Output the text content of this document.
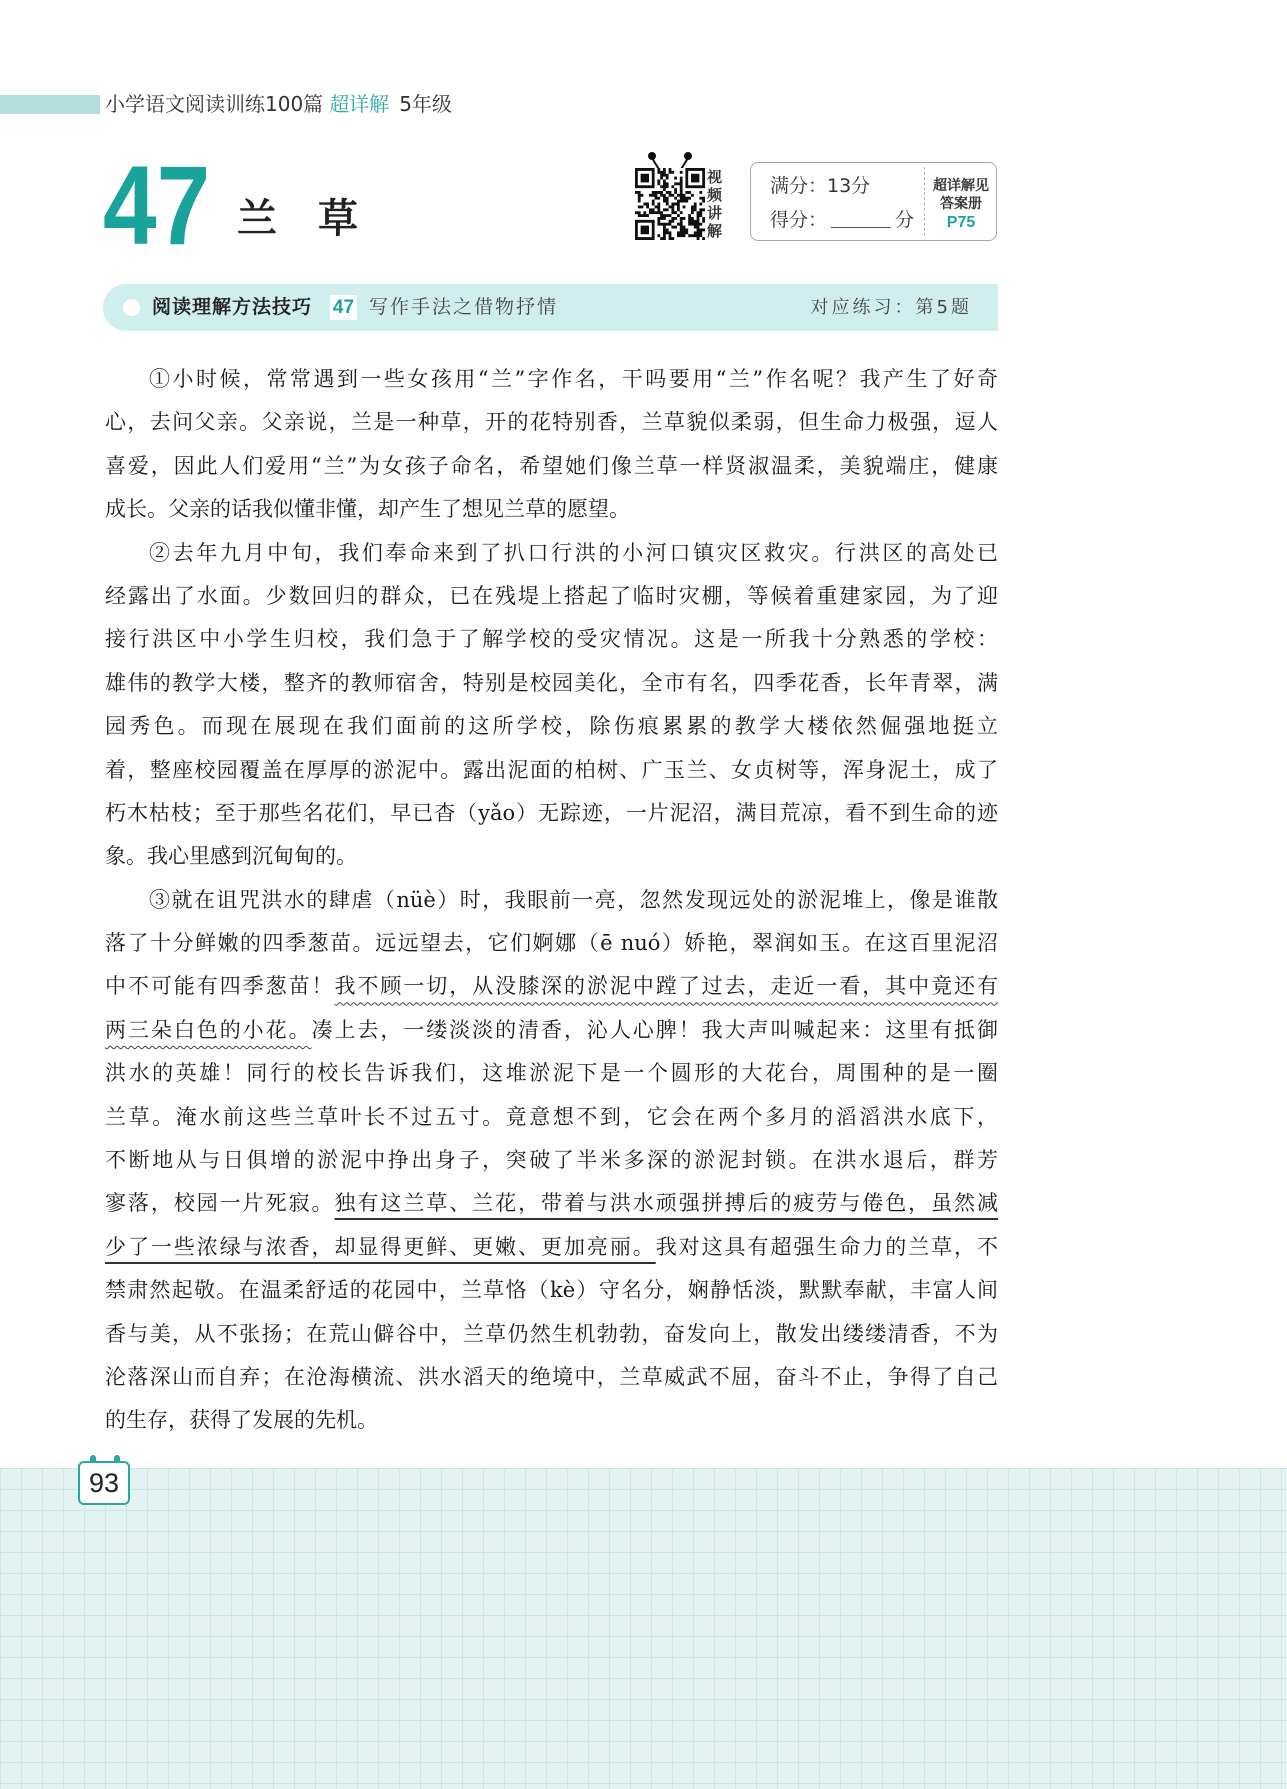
小学语文阅读训练100篇 超详解 5年级
47 兰草	视频讲解 满分：13分
得分：	分
超详解见
答案册
P75
阅读理解方法技巧 47 写作手法之借物抒情	对应练习：第5题
①小时候，常常遇到一些女孩用“兰”字作名，干吗要用“兰”作名呢？我产生了好奇
心，去问父亲。父亲说，兰是一种草，开的花特别香，兰草貌似柔弱，但生命力极强，逗人
喜爱，因此人们爱用“兰”为女孩子命名，希望她们像兰草一样贤淑温柔，美貌端庄，健康
成长。父亲的话我似懂非懂，却产生了想见兰草的愿望。
②去年九月中旬，我们奉命来到了扒口行洪的小河口镇灾区救灾。行洪区的高处已
经露出了水面。少数回归的群众，已在残堤上搭起了临时灾棚，等候着重建家园，为了迎
接行洪区中小学生归校，我们急于了解学校的受灾情况。这是一所我十分熟悉的学校：
雄伟的教学大楼，整齐的教师宿舍，特别是校园美化，全市有名，四季花香，长年青翠，满
园秀色。而现在展现在我们面前的这所学校，除伤痕累累的教学大楼依然倔强地挺立
着，整座校园覆盖在厚厚的淤泥中。露出泥面的柏树、广玉兰、女贞树等，浑身泥土，成了
朽木枯枝；至于那些名花们，早已杳（yǎo）无踪迹，一片泥沼，满目荒凉，看不到生命的迹
象。我心里感到沉甸甸的。
③就在诅咒洪水的肆虐（nüè）时，我眼前一亮，忽然发现远处的淤泥堆上，像是谁散
落了十分鲜嫩的四季葱苗。远远望去，它们婀娜（ē nuó）娇艳，翠润如玉。在这百里泥沼
中不可能有四季葱苗！我不顾一切，从没膝深的淤泥中蹚了过去，走近一看，其中竟还有
两三朵白色的小花。凑上去，一缕淡淡的清香，沁人心脾！我大声叫喊起来：这里有抵御
洪水的英雄！同行的校长告诉我们，这堆淤泥下是一个圆形的大花台，周围种的是一圈
兰草。淹水前这些兰草叶长不过五寸。竟意想不到，它会在两个多月的滔滔洪水底下，
不断地从与日俱增的淤泥中挣出身子，突破了半米多深的淤泥封锁。在洪水退后，群芳
寥落，校园一片死寂。独有这兰草、兰花，带着与洪水顽强拼搏后的疲劳与倦色，虽然减
少了一些浓绿与浓香，却显得更鲜、更嫩、更加亮丽。我对这具有超强生命力的兰草，不
禁肃然起敬。在温柔舒适的花园中，兰草恪（kè）守名分，娴静恬淡，默默奉献，丰富人间
香与美，从不张扬；在荒山僻谷中，兰草仍然生机勃勃，奋发向上，散发出缕缕清香，不为
沦落深山而自弃；在沧海横流、洪水滔天的绝境中，兰草威武不屈，奋斗不止，争得了自己
的生存，获得了发展的先机。
93
